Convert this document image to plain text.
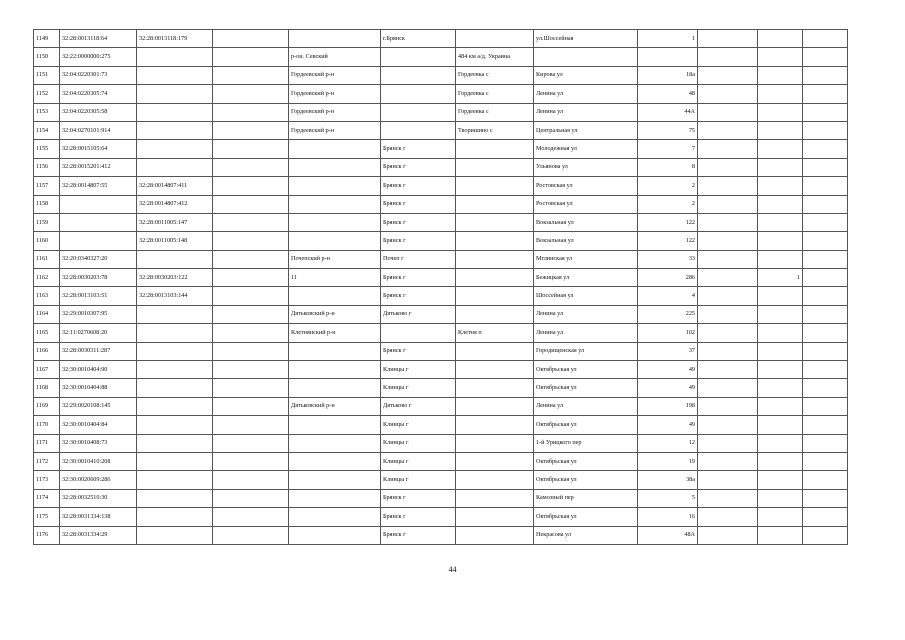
1149	32:28:0013118:64	32:28:0013118:179			г.Брянск		ул.Шоссейная	1			
1150	32:22:0000000:275			р-он. Севский		484 км а/д. Украина					
1151	32:04:0220301:73			Гордеевский р-н		Гордеевка с	Кирова ул	18а			
1152	32:04:0220305:74			Гордеевский р-н		Гордеевка с	Ленина ул	48			
1153	32:04:0220305:58			Гордеевский р-н		Гордеевка с	Ленина ул	44А			
1154	32:04:0270101:914			Гордеевский р-н		Творишино с	Центральная ул	75			
1155	32:28:0015105:64				Брянск г		Молодежная ул	7			
1156	32:28:0015201:412				Брянск г		Ульянова ул	8			
1157	32:28:0014807:55	32:28:0014807:411			Брянск г		Ростовская ул	2			
1158		32:28:0014807:412			Брянск г		Ростовская ул	2			
1159		32:28:0011005:147			Брянск г		Вокзальная ул	122			
1160		32:28:0011005:148			Брянск г		Вокзальная ул	122			
1161	32:20:0340327:20			Почепский р-н	Почеп г		Мглинская ул	33			
1162	32:28:0030203:78	32:28:0030203:122		11	Брянск г		Бежицкая ул	286		1	
1163	32:28:0013103:51	32:28:0013103:144			Брянск г		Шоссейная ул	4			
1164	32:29:0010307:95			Дятьковский р-н	Дятьково г		Ленина ул	225			
1165	32:11:0270608:20			Клетнянский р-н		Клетня п	Ленина ул	102			
1166	32:28:0030311:287				Брянск г		Городищенская ул	37			
1167	32:30:0010404:90				Клинцы г		Октябрьская ул	49			
1168	32:30:0010404:88				Клинцы г		Октябрьская ул	49			
1169	32:29:0020108:145			Дятьковский р-н	Дятьково г		Ленина ул	198			
1170	32:30:0010404:84				Клинцы г		Октябрьская ул	49			
1171	32:30:0010408:73				Клинцы г		1-й Урицкого пер	12			
1172	32:30:0010410:208				Клинцы г		Октябрьская ул	19			
1173	32:30:0020609:286				Клинцы г		Октябрьская ул	38а			
1174	32:28:0032510:30				Брянск г		Камозный пер	5			
1175	32:28:0031334:138				Брянск г		Октябрьская ул	16			
1176	32:28:0031334:29				Брянск г		Некрасова ул	48А			
44
